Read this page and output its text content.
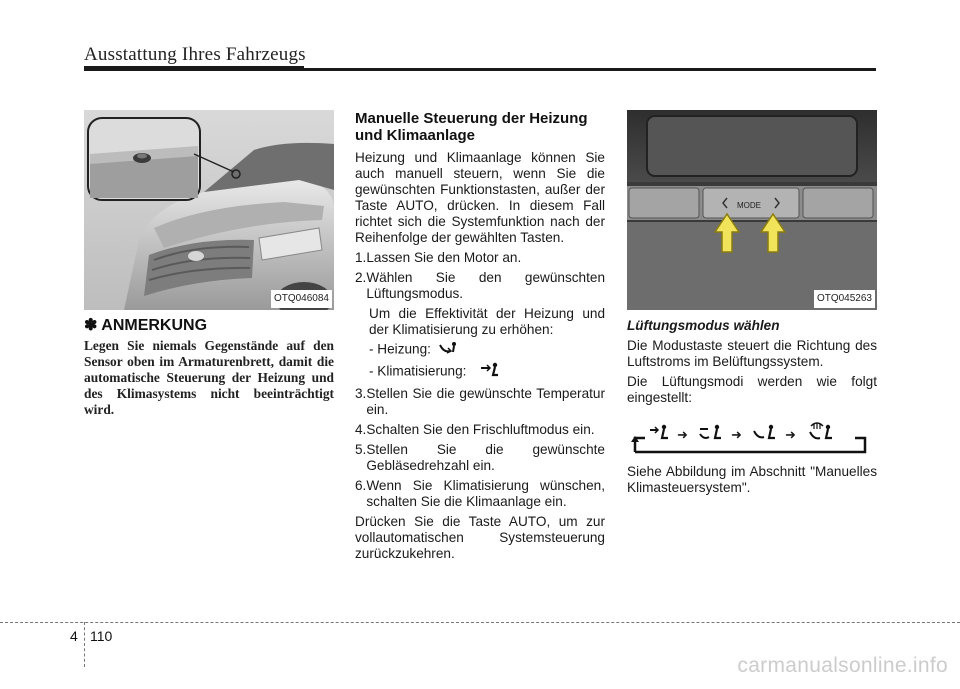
Ausstattung Ihres Fahrzeugs
OTQ046084
✽ ANMERKUNG
Legen Sie niemals Gegenstände auf den Sensor oben im Armaturenbrett, damit die automatische Steuerung der Heizung und des Klimasystems nicht beeinträchtigt wird.
Manuelle Steuerung der Heizung und Klimaanlage

Heizung und Klimaanlage können Sie auch manuell steuern, wenn Sie die gewünschten Funktionstasten, außer der Taste AUTO, drücken. In diesem Fall richtet sich die Systemfunktion nach der Reihenfolge der gewählten Tasten.

1. Lassen Sie den Motor an.
2. Wählen Sie den gewünschten Lüftungsmodus.

Um die Effektivität der Heizung und der Klimatisierung zu erhöhen:

- Heizung:
- Klimatisierung:
3. Stellen Sie die gewünschte Temperatur ein.
4. Schalten Sie den Frischluftmodus ein.
5. Stellen Sie die gewünschte Gebläsedrehzahl ein.
6. Wenn Sie Klimatisierung wünschen, schalten Sie die Klimaanlage ein.

Drücken Sie die Taste AUTO, um zur vollautomatischen Systemsteuerung zurückzukehren.

MODE
OTQ045263
Lüftungsmodus wählen

Die Modustaste steuert die Richtung des Luftstroms im Belüftungssystem.

Die Lüftungsmodi werden wie folgt eingestellt:

➜	➜	➜

Siehe Abbildung im Abschnitt "Manuelles Klimasteuersystem".

4 110
carmanualsonline.info
